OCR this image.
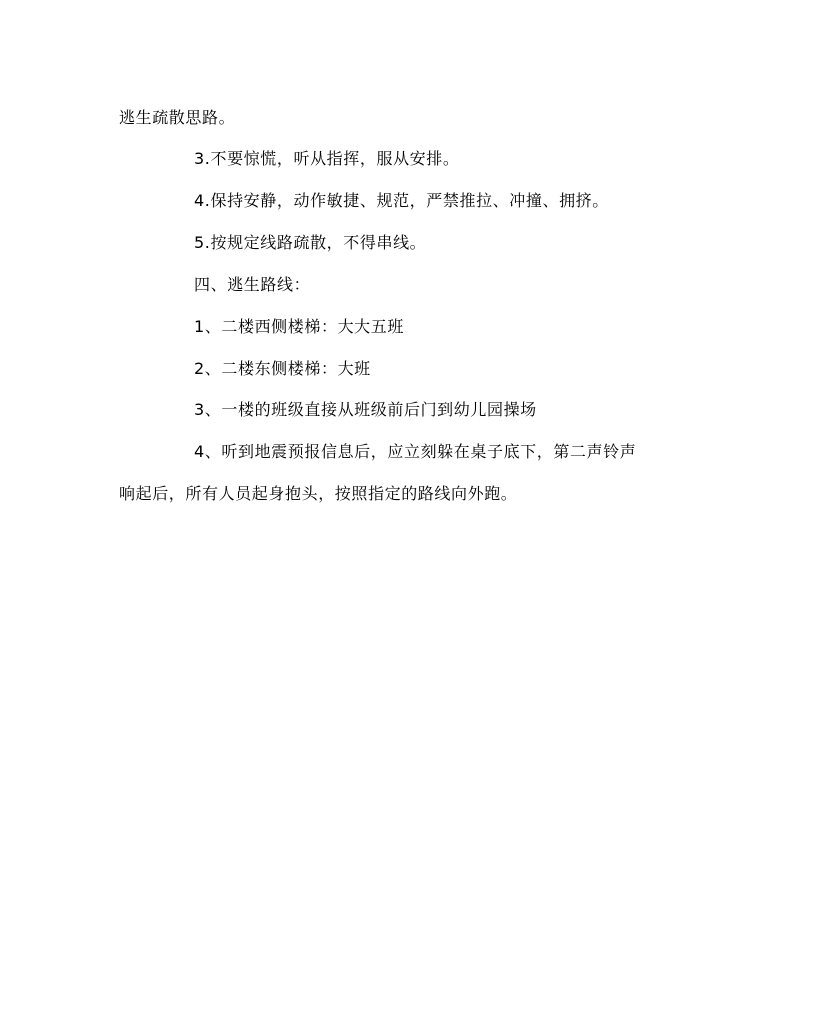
逃生疏散思路。
3.不要惊慌，听从指挥，服从安排。
4.保持安静，动作敏捷、规范，严禁推拉、冲撞、拥挤。
5.按规定线路疏散，不得串线。
四、逃生路线：
1、二楼西侧楼梯：大大五班
2、二楼东侧楼梯：大班
3、一楼的班级直接从班级前后门到幼儿园操场
4、听到地震预报信息后，应立刻躲在桌子底下，第二声铃声
响起后，所有人员起身抱头，按照指定的路线向外跑。
